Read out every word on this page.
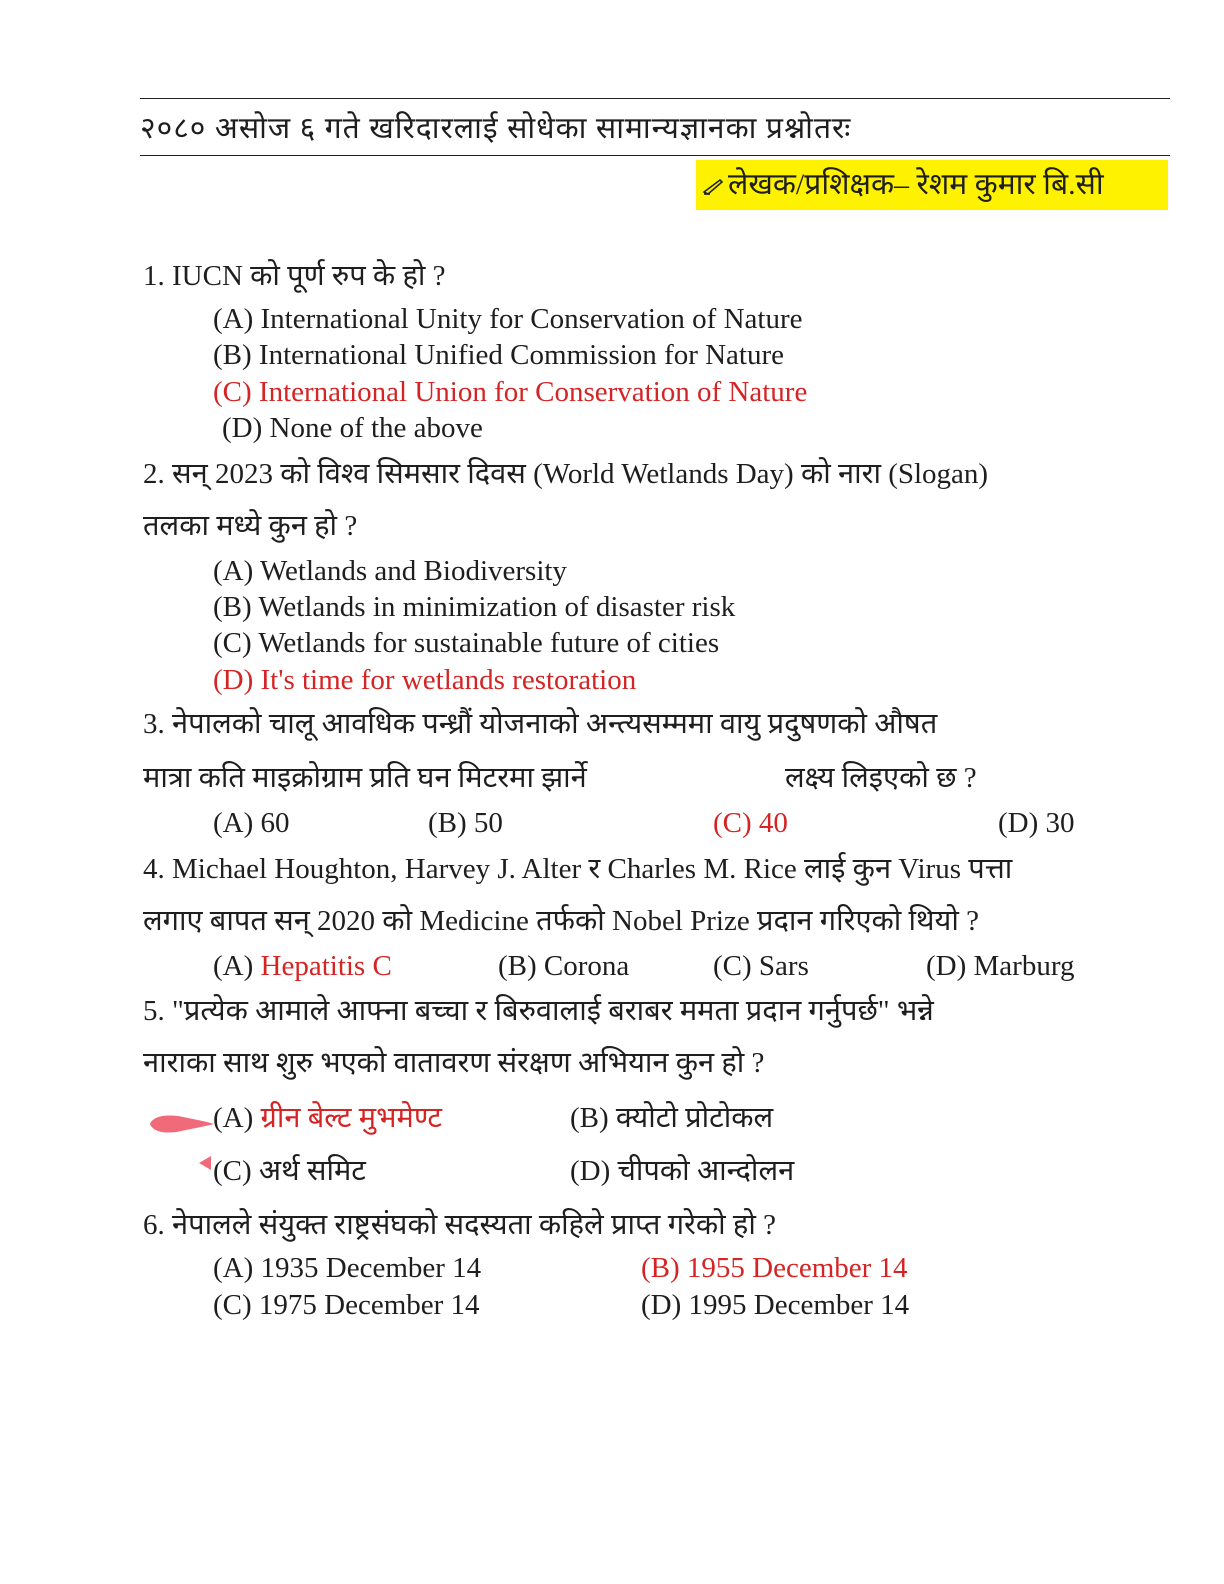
२०८० असोज ६ गते खरिदारलाई सोधेका सामान्यज्ञानका प्रश्नोतरः
लेखक/प्रशिक्षक– रेशम कुमार बि.सी
1. IUCN को पूर्ण रुप के हो ?
(A) International Unity for Conservation of Nature
(B) International Unified Commission for Nature
(C) International Union for Conservation of Nature
(D) None of the above
2. सन् 2023 को विश्व सिमसार दिवस (World Wetlands Day) को नारा (Slogan)
तलका मध्ये कुन हो ?
(A) Wetlands and Biodiversity
(B) Wetlands in minimization of disaster risk
(C) Wetlands for sustainable future of cities
(D) It's time for wetlands restoration
3. नेपालको चालू आवधिक पन्ध्रौं योजनाको अन्त्यसम्ममा वायु प्रदुषणको औषत
मात्रा कति माइक्रोग्राम प्रति घन मिटरमा झार्ने	लक्ष्य लिइएको छ ?
(A) 60	(B) 50	(C) 40	(D) 30
4. Michael Houghton, Harvey J. Alter र Charles M. Rice लाई कुन Virus पत्ता
लगाए बापत सन् 2020 को Medicine तर्फको Nobel Prize प्रदान गरिएको थियो ?
(A) Hepatitis C	(B) Corona	(C) Sars	(D) Marburg
5. "प्रत्येक आमाले आफ्ना बच्चा र बिरुवालाई बराबर ममता प्रदान गर्नुपर्छ" भन्ने
नाराका साथ शुरु भएको वातावरण संरक्षण अभियान कुन हो ?
(A) ग्रीन बेल्ट मुभमेण्ट	(B) क्योटो प्रोटोकल
(C) अर्थ समिट	(D) चीपको आन्दोलन
6. नेपालले संयुक्त राष्ट्रसंघको सदस्यता कहिले प्राप्त गरेको हो ?
(A) 1935 December 14	(B) 1955 December 14
(C) 1975 December 14	(D) 1995 December 14
